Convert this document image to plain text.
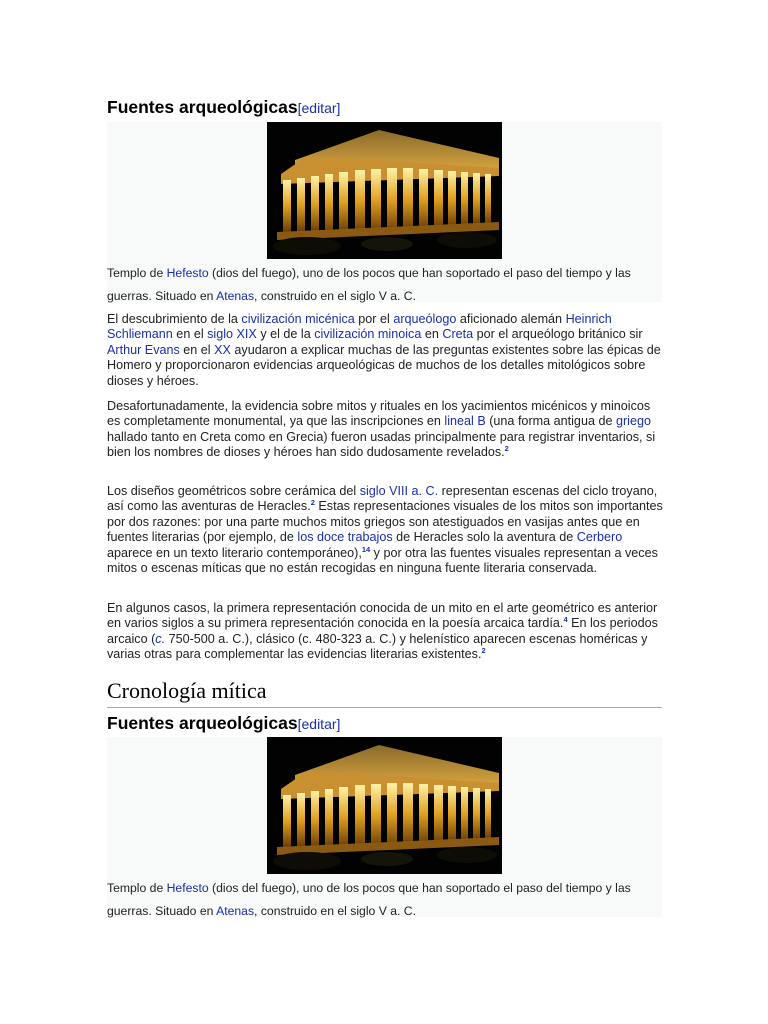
Fuentes arqueológicas[editar]
Templo de Hefesto (dios del fuego), uno de los pocos que han soportado el paso del tiempo y las guerras. Situado en Atenas, construido en el siglo V a. C.
El descubrimiento de la civilización micénica por el arqueólogo aficionado alemán Heinrich Schliemann en el siglo XIX y el de la civilización minoica en Creta por el arqueólogo británico sir Arthur Evans en el XX ayudaron a explicar muchas de las preguntas existentes sobre las épicas de Homero y proporcionaron evidencias arqueológicas de muchos de los detalles mitológicos sobre dioses y héroes.
Desafortunadamente, la evidencia sobre mitos y rituales en los yacimientos micénicos y minoicos es completamente monumental, ya que las inscripciones en lineal B (una forma antigua de griego hallado tanto en Creta como en Grecia) fueron usadas principalmente para registrar inventarios, si bien los nombres de dioses y héroes han sido dudosamente revelados.$^2$
Los diseños geométricos sobre cerámica del siglo VIII a. C. representan escenas del ciclo troyano, así como las aventuras de Heracles.$^2$ Estas representaciones visuales de los mitos son importantes por dos razones: por una parte muchos mitos griegos son atestiguados en vasijas antes que en fuentes literarias (por ejemplo, de los doce trabajos de Heracles solo la aventura de Cerbero aparece en un texto literario contemporáneo),$^{14}$ y por otra las fuentes visuales representan a veces mitos o escenas míticas que no están recogidas en ninguna fuente literaria conservada.
En algunos casos, la primera representación conocida de un mito en el arte geométrico es anterior en varios siglos a su primera representación conocida en la poesía arcaica tardía.$^4$ En los periodos arcaico (c. 750-500 a. C.), clásico (c. 480-323 a. C.) y helenístico aparecen escenas homéricas y varias otras para complementar las evidencias literarias existentes.$^2$
Cronología mítica
Fuentes arqueológicas[editar]
Templo de Hefesto (dios del fuego), uno de los pocos que han soportado el paso del tiempo y las guerras. Situado en Atenas, construido en el siglo V a. C.
